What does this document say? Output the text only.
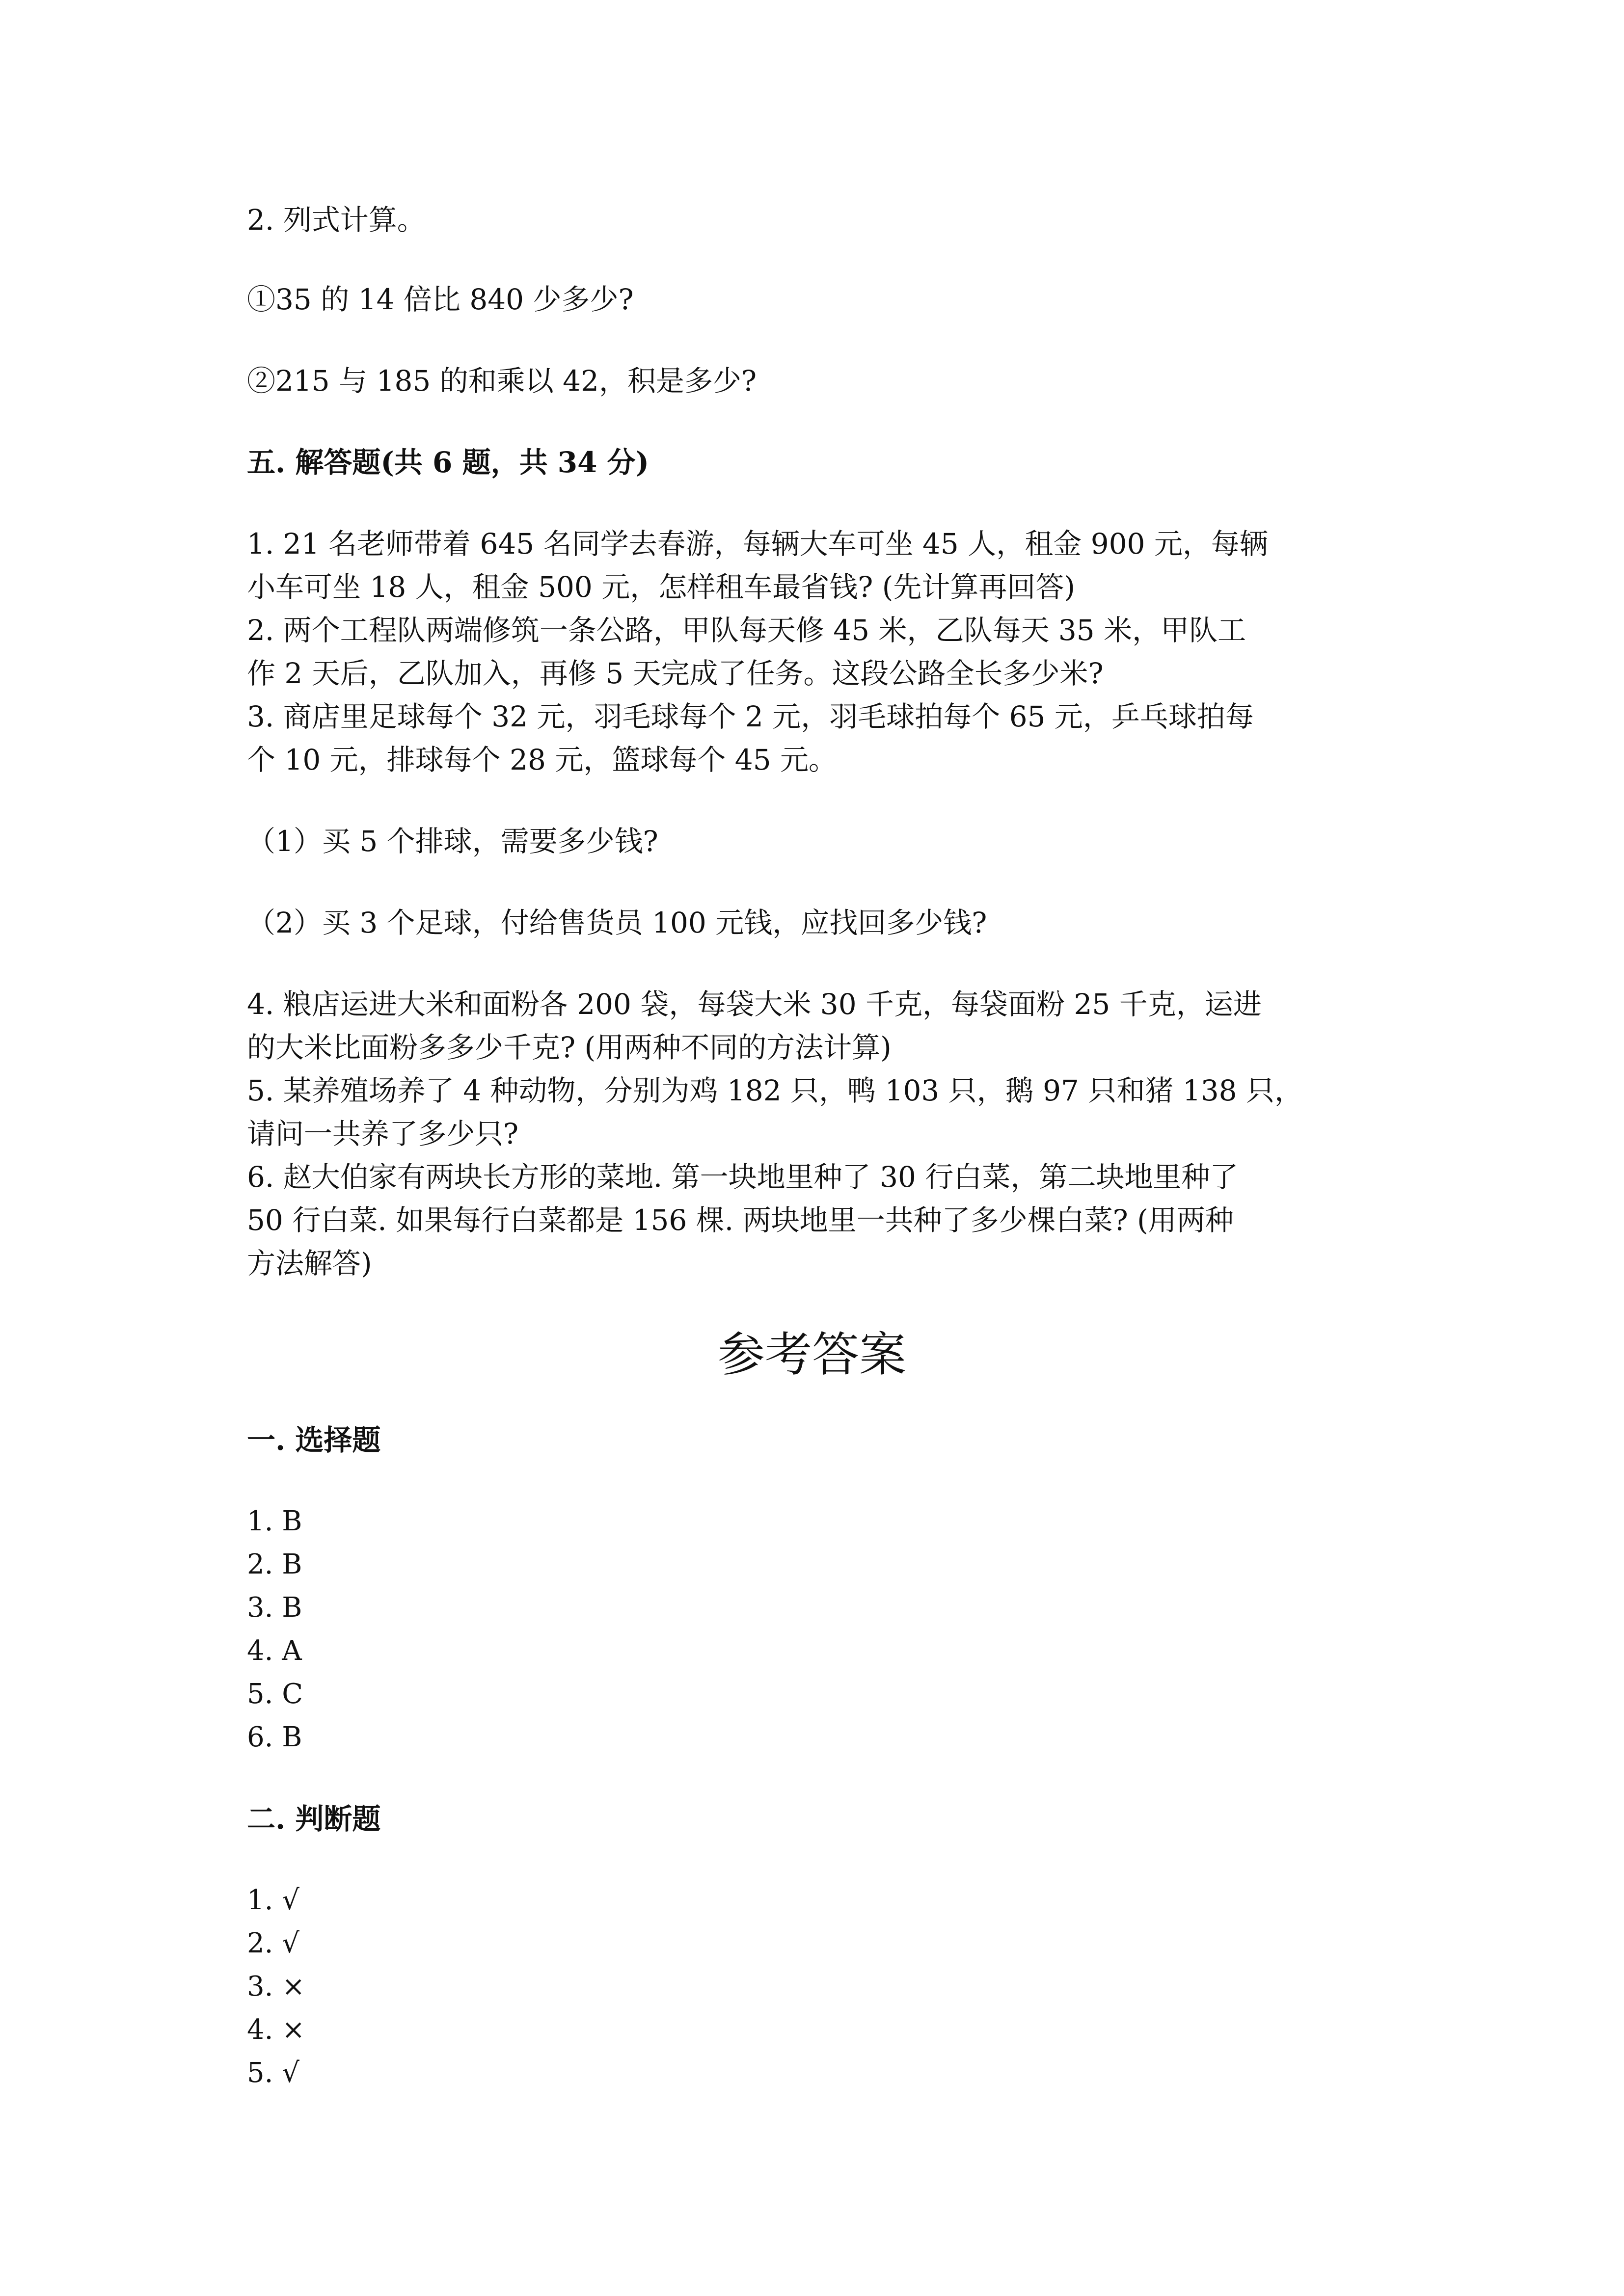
2. 列式计算。
①35 的 14 倍比 840 少多少?
②215 与 185 的和乘以 42，积是多少?
五. 解答题(共 6 题，共 34 分)
1. 21 名老师带着 645 名同学去春游，每辆大车可坐 45 人，租金 900 元，每辆
小车可坐 18 人，租金 500 元，怎样租车最省钱? (先计算再回答)
2. 两个工程队两端修筑一条公路，甲队每天修 45 米，乙队每天 35 米，甲队工
作 2 天后，乙队加入，再修 5 天完成了任务。这段公路全长多少米?
3. 商店里足球每个 32 元，羽毛球每个 2 元，羽毛球拍每个 65 元，乒乓球拍每
个 10 元，排球每个 28 元，篮球每个 45 元。
（1）买 5 个排球，需要多少钱?
（2）买 3 个足球，付给售货员 100 元钱，应找回多少钱?
4. 粮店运进大米和面粉各 200 袋，每袋大米 30 千克，每袋面粉 25 千克，运进
的大米比面粉多多少千克? (用两种不同的方法计算)
5. 某养殖场养了 4 种动物，分别为鸡 182 只，鸭 103 只，鹅 97 只和猪 138 只，
请问一共养了多少只?
6. 赵大伯家有两块长方形的菜地. 第一块地里种了 30 行白菜，第二块地里种了
50 行白菜. 如果每行白菜都是 156 棵. 两块地里一共种了多少棵白菜? (用两种
方法解答)
参考答案
一. 选择题
1. B
2. B
3. B
4. A
5. C
6. B
二. 判断题
1. √
2. √
3. ×
4. ×
5. √
